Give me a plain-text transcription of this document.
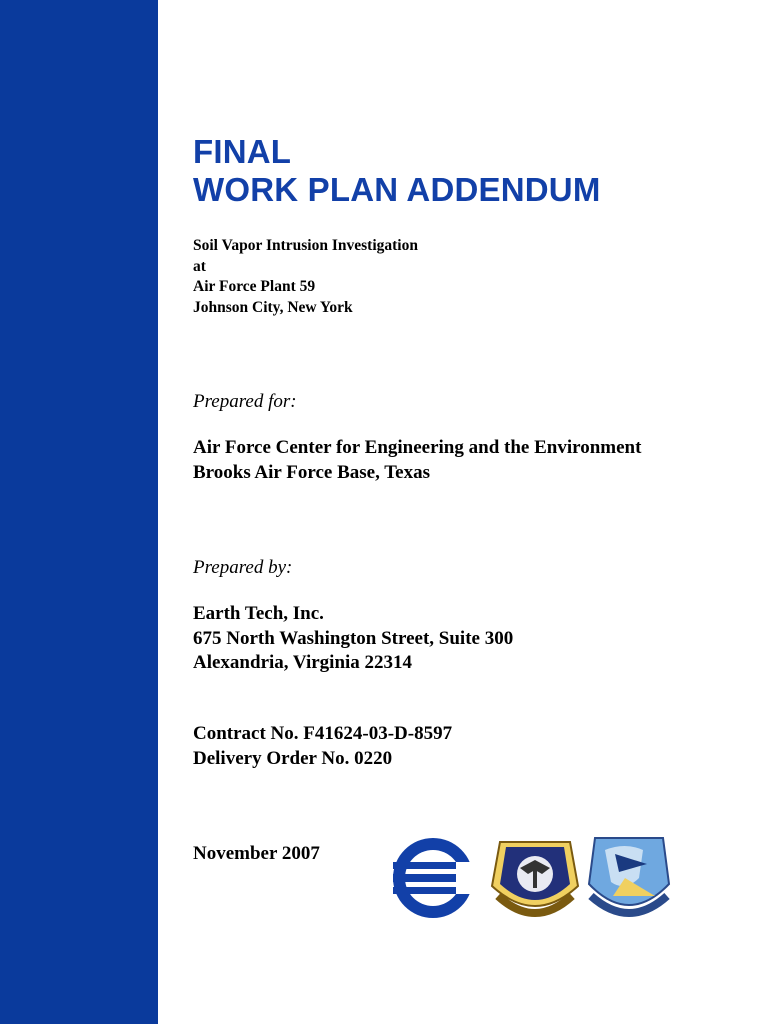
FINAL
WORK PLAN ADDENDUM
Soil Vapor Intrusion Investigation
at
Air Force Plant 59
Johnson City, New York
Prepared for:
Air Force Center for Engineering and the Environment
Brooks Air Force Base, Texas
Prepared by:
Earth Tech, Inc.
675 North Washington Street, Suite 300
Alexandria, Virginia 22314
Contract No. F41624-03-D-8597
Delivery Order No. 0220
November 2007
